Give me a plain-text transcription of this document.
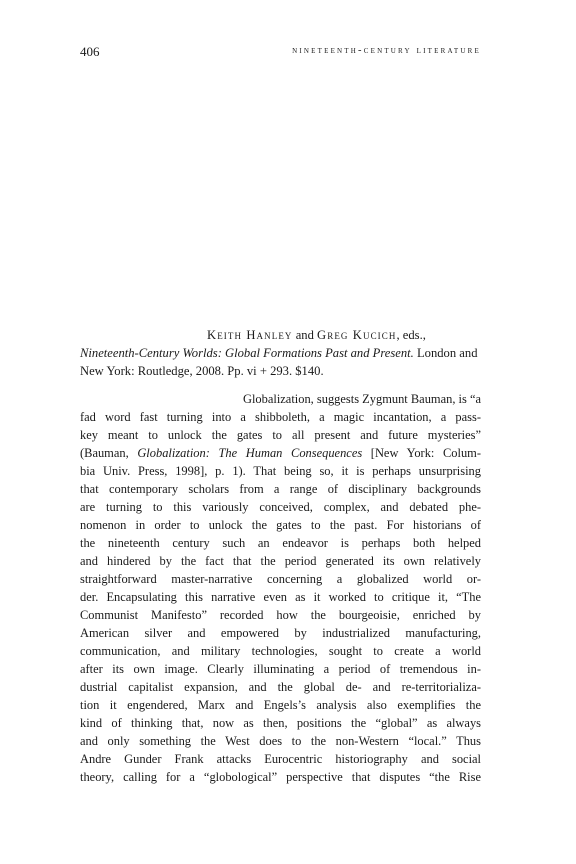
406	nineteenth-century literature
Keith Hanley and Greg Kucich, eds.,
Nineteenth-Century Worlds: Global Formations Past and Present. London and
New York: Routledge, 2008. Pp. vi + 293. $140.
Globalization, suggests Zygmunt Bauman, is “a
fad word fast turning into a shibboleth, a magic incantation, a pass-
key meant to unlock the gates to all present and future mysteries”
(Bauman, Globalization: The Human Consequences [New York: Colum-
bia Univ. Press, 1998], p. 1). That being so, it is perhaps unsurprising
that contemporary scholars from a range of disciplinary backgrounds
are turning to this variously conceived, complex, and debated phe-
nomenon in order to unlock the gates to the past. For historians of
the nineteenth century such an endeavor is perhaps both helped
and hindered by the fact that the period generated its own relatively
straightforward master-narrative concerning a globalized world or-
der. Encapsulating this narrative even as it worked to critique it, “The
Communist Manifesto” recorded how the bourgeoisie, enriched by
American silver and empowered by industrialized manufacturing,
communication, and military technologies, sought to create a world
after its own image. Clearly illuminating a period of tremendous in-
dustrial capitalist expansion, and the global de- and re-territorializa-
tion it engendered, Marx and Engels’s analysis also exemplifies the
kind of thinking that, now as then, positions the “global” as always
and only something the West does to the non-Western “local.” Thus
Andre Gunder Frank attacks Eurocentric historiography and social
theory, calling for a “globological” perspective that disputes “the Rise
